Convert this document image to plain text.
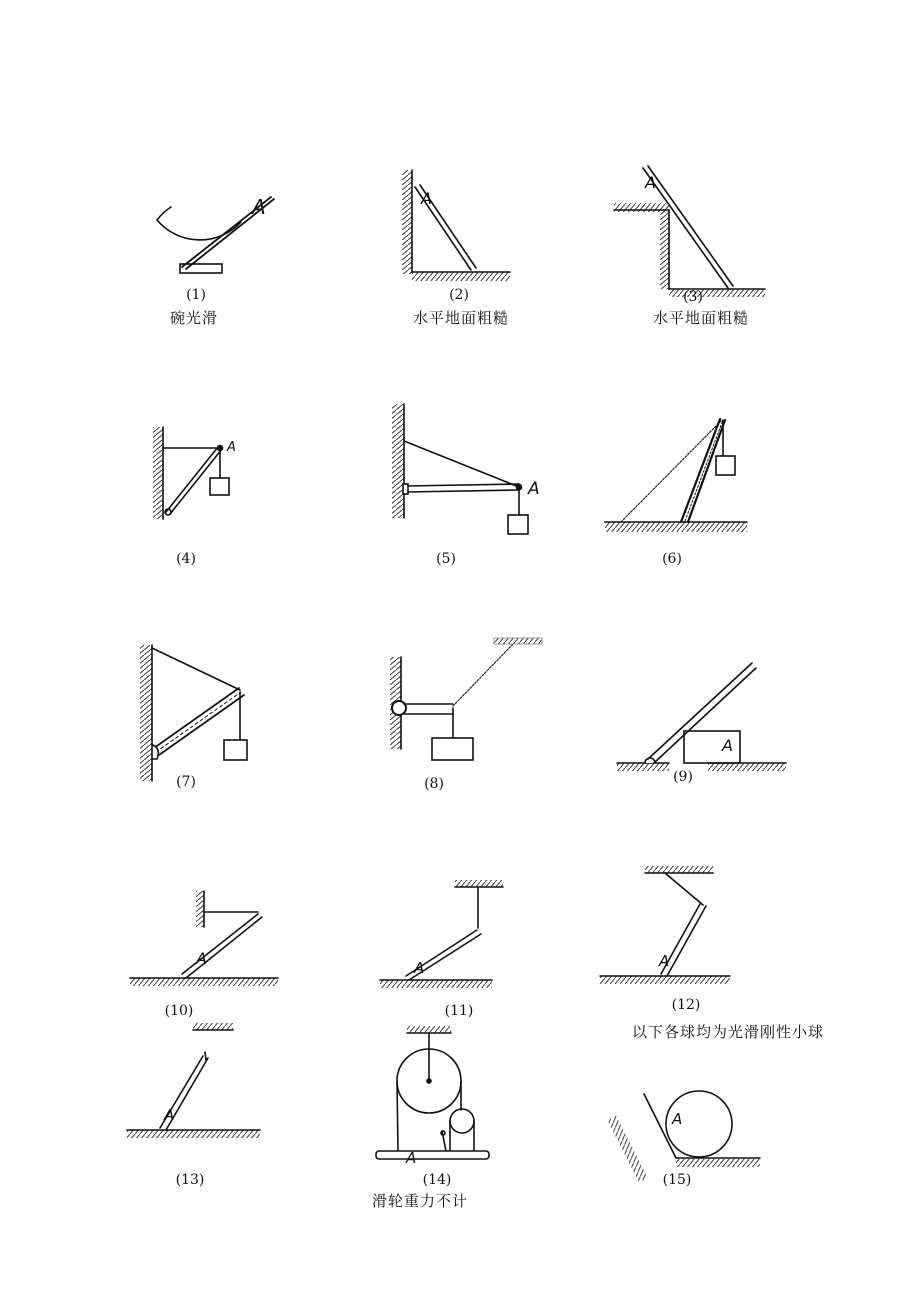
A	A
A
A
A
A
A	A	A
A
A
A
(1)
碗光滑
(2)
水平地面粗糙
(3)
水平地面粗糙
(4)	(5)	(6)
(7)	(8)	(9)
(10)	(11)	(12)
以下各球均为光滑刚性小球
(13)	(14)
滑轮重力不计
(15)
